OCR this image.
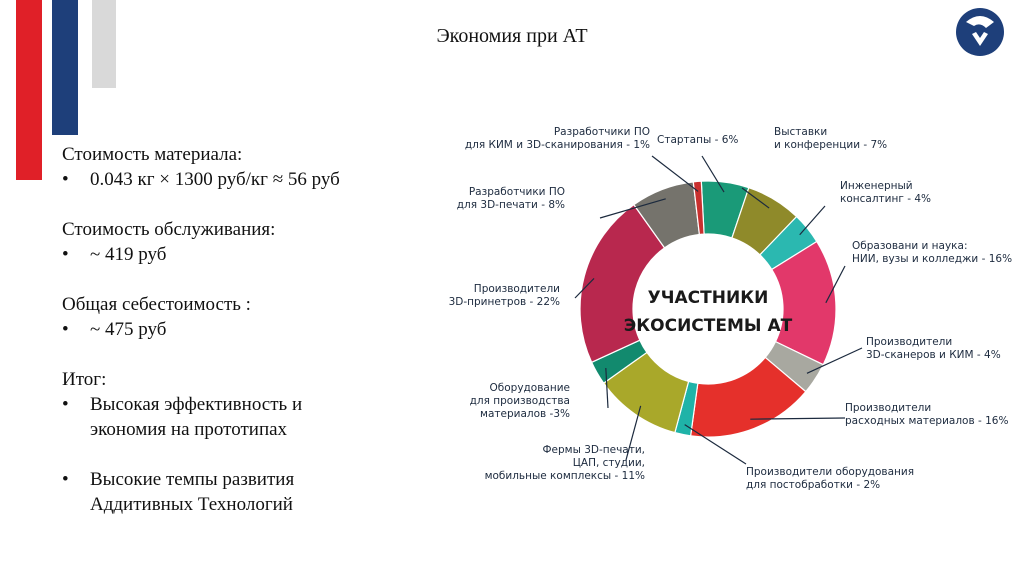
Экономия при АТ

Стоимость материала:

•	0.043 кг × 1300 руб/кг ≈ 56 руб

Стоимость обслуживания:

•	~ 419 руб

Общая себестоимость :

•	~ 475 руб

Итог:

•	Высокая эффективность и экономия на прототипах

•	Высокие темпы развития Аддитивных Технологий

УЧАСТНИКИ
ЭКОСИСТЕМЫ АТ
Стартапы - 6%
Выставки
и конференции - 7%
Инженерный
консалтинг - 4%
Образовани и наука:
НИИ, вузы и колледжи - 16%
Производители
3D-сканеров и КИМ - 4%
Производители
расходных материалов - 16%
Производители оборудования
для постобработки - 2%
Фермы 3D-печати,
ЦАП, студии,
мобильные комплексы - 11%
Оборудование
для производства
материалов -3%
Производители
3D-принетров - 22%
Разработчики ПО
для 3D-печати - 8%
Разработчики ПО
для КИМ и 3D-сканирования - 1%
